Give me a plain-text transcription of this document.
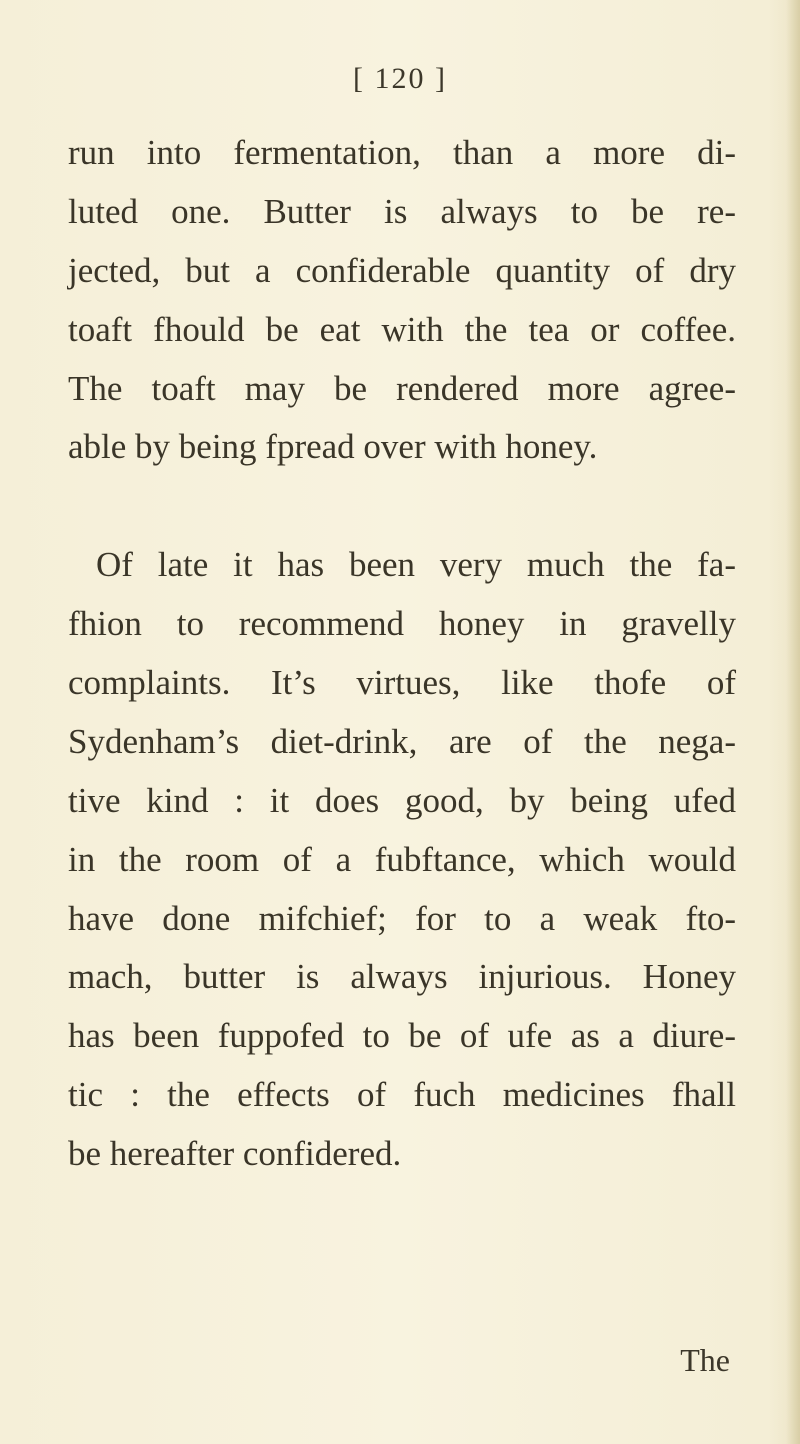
[ 120 ]
run into fermentation, than a more di-
luted one. Butter is always to be re-
jected, but a confiderable quantity of dry
toaft fhould be eat with the tea or coffee.
The toaft may be rendered more agree-
able by being fpread over with honey.
Of late it has been very much the fa-
fhion to recommend honey in gravelly
complaints. It’s virtues, like thofe of
Sydenham’s diet-drink, are of the nega-
tive kind : it does good, by being ufed
in the room of a fubftance, which would
have done mifchief; for to a weak fto-
mach, butter is always injurious. Honey
has been fuppofed to be of ufe as a diure-
tic : the effects of fuch medicines fhall
be hereafter confidered.
The
